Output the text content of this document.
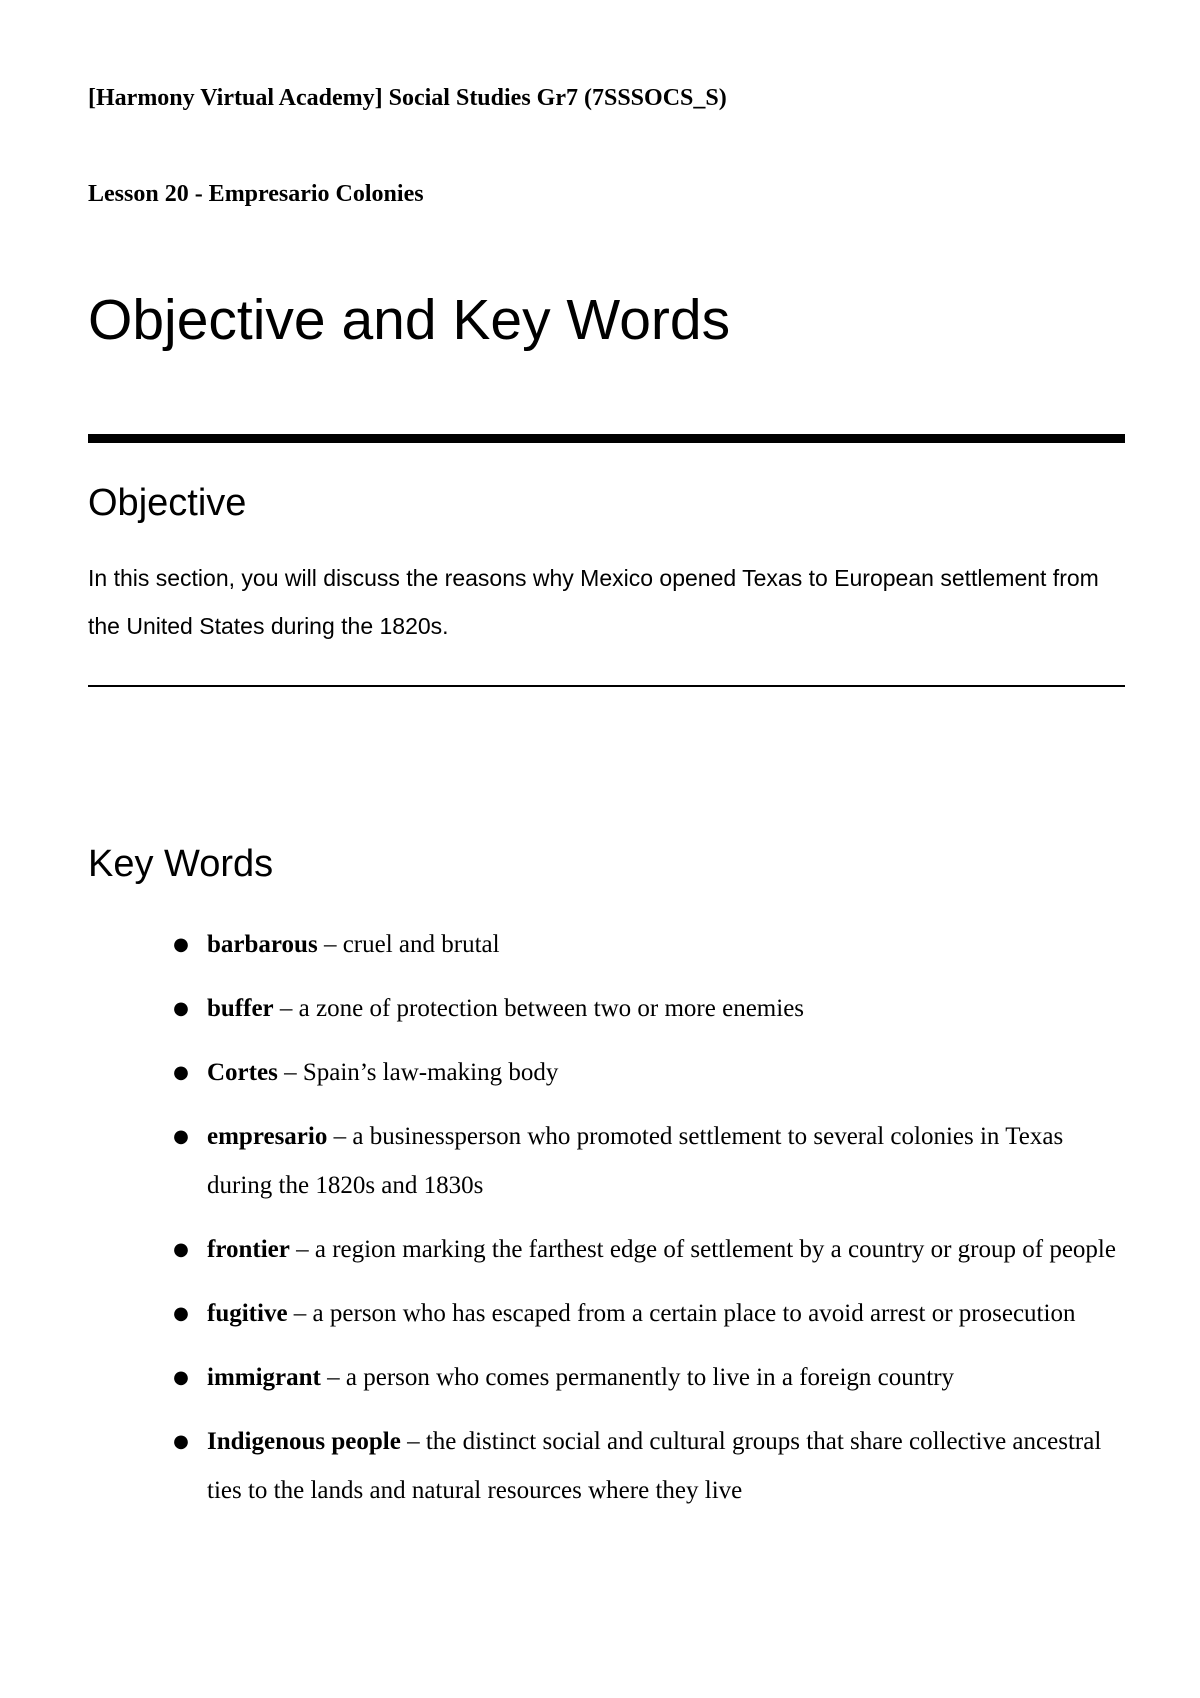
[Harmony Virtual Academy] Social Studies Gr7 (7SSSOCS_S)
Lesson 20 - Empresario Colonies
Objective and Key Words
Objective

In this section, you will discuss the reasons why Mexico opened Texas to European settlement from the United States during the 1820s.

Key Words
● barbarous – cruel and brutal
● buffer – a zone of protection between two or more enemies
● Cortes – Spain’s law-making body
● empresario – a businessperson who promoted settlement to several colonies in Texas during the 1820s and 1830s
● frontier – a region marking the farthest edge of settlement by a country or group of people
● fugitive – a person who has escaped from a certain place to avoid arrest or prosecution
● immigrant – a person who comes permanently to live in a foreign country
● Indigenous people – the distinct social and cultural groups that share collective ancestral ties to the lands and natural resources where they live
